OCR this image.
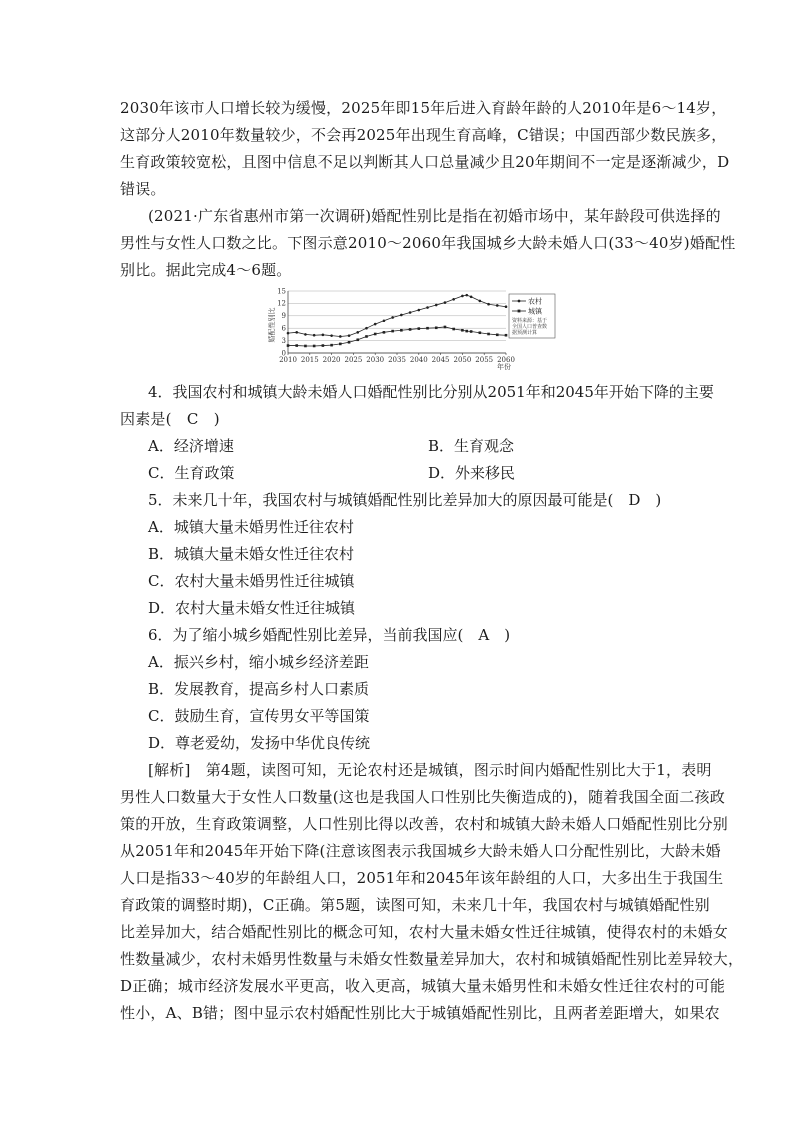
2030年该市人口增长较为缓慢，2025年即15年后进入育龄年龄的人2010年是6～14岁，
这部分人2010年数量较少，不会再2025年出现生育高峰，C错误；中国西部少数民族多，
生育政策较宽松，且图中信息不足以判断其人口总量减少且20年期间不一定是逐渐减少，D
错误。
(2021·广东省惠州市第一次调研)婚配性别比是指在初婚市场中，某年龄段可供选择的
男性与女性人口数之比。下图示意2010～2060年我国城乡大龄未婚人口(33～40岁)婚配性
别比。据此完成4～6题。
0
3
6
9
12
15
2010 2015 2020 2025 2030 2035 2040 2045 2050 2055 2060
婚配性别比
年份
农村
城镇
资料来源：基于
全国人口普查数
据预测计算
4．我国农村和城镇大龄未婚人口婚配性别比分别从2051年和2045年开始下降的主要
因素是(　C　)
A．经济增速	B．生育观念
C．生育政策	D．外来移民
5．未来几十年，我国农村与城镇婚配性别比差异加大的原因最可能是(　D　)
A．城镇大量未婚男性迁往农村
B．城镇大量未婚女性迁往农村
C．农村大量未婚男性迁往城镇
D．农村大量未婚女性迁往城镇
6．为了缩小城乡婚配性别比差异，当前我国应(　A　)
A．振兴乡村，缩小城乡经济差距
B．发展教育，提高乡村人口素质
C．鼓励生育，宣传男女平等国策
D．尊老爱幼，发扬中华优良传统
[解析]　第4题，读图可知，无论农村还是城镇，图示时间内婚配性别比大于1，表明
男性人口数量大于女性人口数量(这也是我国人口性别比失衡造成的)，随着我国全面二孩政
策的开放，生育政策调整，人口性别比得以改善，农村和城镇大龄未婚人口婚配性别比分别
从2051年和2045年开始下降(注意该图表示我国城乡大龄未婚人口分配性别比，大龄未婚
人口是指33～40岁的年龄组人口，2051年和2045年该年龄组的人口，大多出生于我国生
育政策的调整时期)，C正确。第5题，读图可知，未来几十年，我国农村与城镇婚配性别
比差异加大，结合婚配性别比的概念可知，农村大量未婚女性迁往城镇，使得农村的未婚女
性数量减少，农村未婚男性数量与未婚女性数量差异加大，农村和城镇婚配性别比差异较大，
D正确；城市经济发展水平更高，收入更高，城镇大量未婚男性和未婚女性迁往农村的可能
性小，A、B错；图中显示农村婚配性别比大于城镇婚配性别比，且两者差距增大，如果农
